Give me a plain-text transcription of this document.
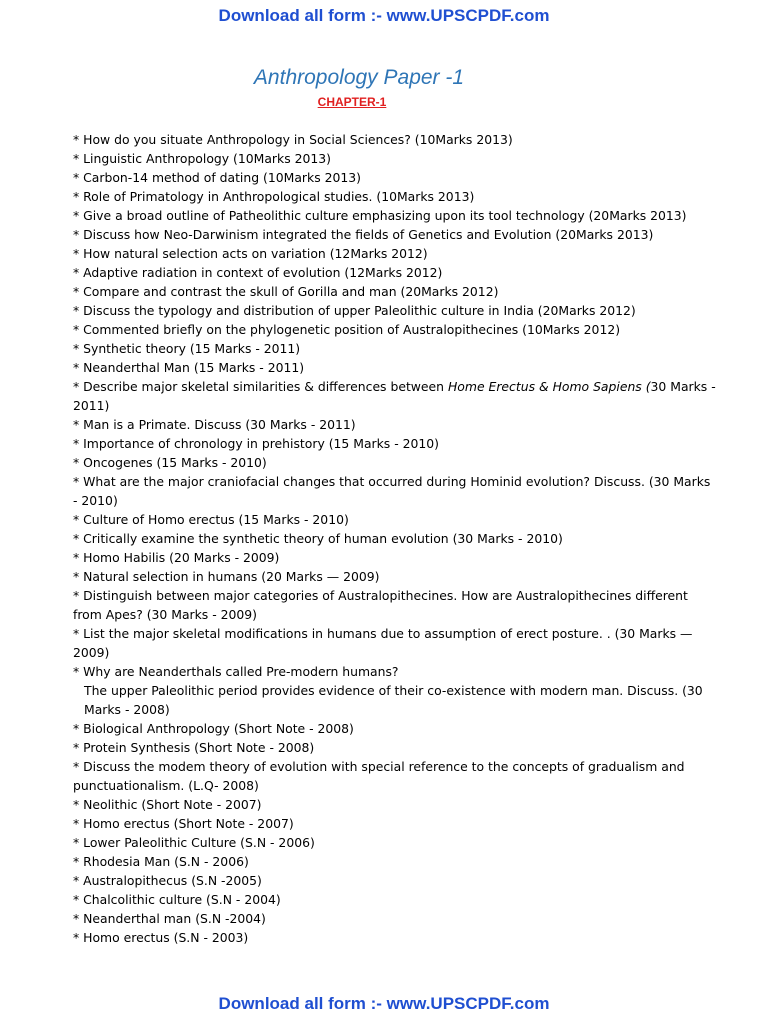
Download all form :- www.UPSCPDF.com
Anthropology Paper -1
CHAPTER-1
* How do you situate Anthropology in Social Sciences? (10Marks 2013)
* Linguistic Anthropology (10Marks 2013)
* Carbon-14 method of dating (10Marks 2013)
* Role of Primatology in Anthropological studies. (10Marks 2013)
* Give a broad outline of Patheolithic culture emphasizing upon its tool technology (20Marks 2013)
* Discuss how Neo-Darwinism integrated the fields of Genetics and Evolution (20Marks 2013)
* How natural selection acts on variation (12Marks 2012)
* Adaptive radiation in context of evolution (12Marks 2012)
* Compare and contrast the skull of Gorilla and man (20Marks 2012)
* Discuss the typology and distribution of upper Paleolithic culture in India (20Marks 2012)
* Commented briefly on the phylogenetic position of Australopithecines (10Marks 2012)
* Synthetic theory (15 Marks - 2011)
* Neanderthal Man (15 Marks - 2011)
* Describe major skeletal similarities & differences between Home Erectus & Homo Sapiens (30 Marks - 2011)
* Man is a Primate. Discuss (30 Marks - 2011)
* Importance of chronology in prehistory (15 Marks - 2010)
* Oncogenes (15 Marks - 2010)
* What are the major craniofacial changes that occurred during Hominid evolution? Discuss. (30 Marks - 2010)
* Culture of Homo erectus (15 Marks - 2010)
* Critically examine the synthetic theory of human evolution (30 Marks - 2010)
* Homo Habilis (20 Marks - 2009)
* Natural selection in humans (20 Marks — 2009)
* Distinguish between major categories of Australopithecines. How are Australopithecines different from Apes? (30 Marks - 2009)
* List the major skeletal modifications in humans due to assumption of erect posture. . (30 Marks — 2009)
* Why are Neanderthals called Pre-modern humans?
The upper Paleolithic period provides evidence of their co-existence with modern man. Discuss. (30 Marks - 2008)
* Biological Anthropology (Short Note - 2008)
* Protein Synthesis (Short Note - 2008)
* Discuss the modem theory of evolution with special reference to the concepts of gradualism and punctuationalism. (L.Q- 2008)
* Neolithic (Short Note - 2007)
* Homo erectus (Short Note - 2007)
* Lower Paleolithic Culture (S.N - 2006)
* Rhodesia Man (S.N - 2006)
* Australopithecus (S.N -2005)
* Chalcolithic culture (S.N - 2004)
* Neanderthal man (S.N -2004)
* Homo erectus (S.N - 2003)
Download all form :- www.UPSCPDF.com
